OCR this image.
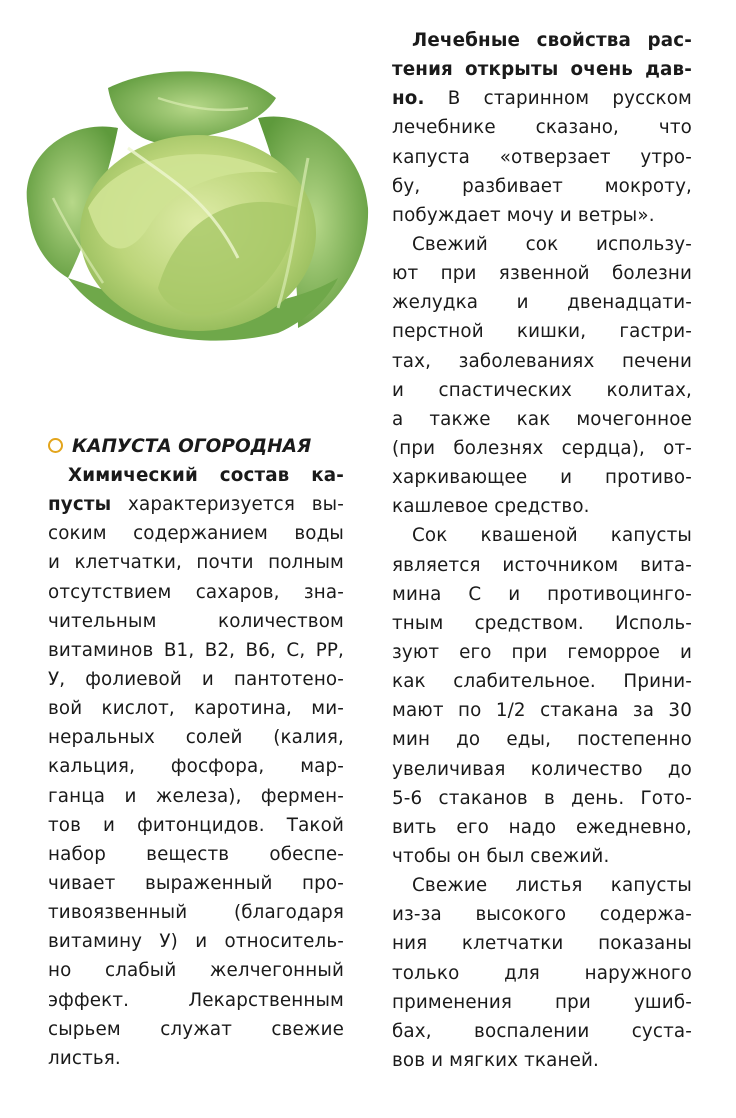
КАПУСТА ОГОРОДНАЯ
Химический состав ка-
пусты характеризуется вы-
соким содержанием воды
и клетчатки, почти полным
отсутствием сахаров, зна-
чительным количеством
витаминов В1, В2, В6, С, РР,
У, фолиевой и пантотено-
вой кислот, каротина, ми-
неральных солей (калия,
кальция, фосфора, мар-
ганца и железа), фермен-
тов и фитонцидов. Такой
набор веществ обеспе-
чивает выраженный про-
тивоязвенный (благодаря
витамину У) и относитель-
но слабый желчегонный
эффект. Лекарственным
сырьем служат свежие
листья.
Лечебные свойства рас-
тения открыты очень дав-
но. В старинном русском
лечебнике сказано, что
капуста «отверзает утро-
бу, разбивает мокроту,
побуждает мочу и ветры».
Свежий сок использу-
ют при язвенной болезни
желудка и двенадцати-
перстной кишки, гастри-
тах, заболеваниях печени
и спастических колитах,
а также как мочегонное
(при болезнях сердца), от-
харкивающее и противо-
кашлевое средство.
Сок квашеной капусты
является источником вита-
мина С и противоцинго-
тным средством. Исполь-
зуют его при геморрое и
как слабительное. Прини-
мают по 1/2 стакана за 30
мин до еды, постепенно
увеличивая количество до
5-6 стаканов в день. Гото-
вить его надо ежедневно,
чтобы он был свежий.
Свежие листья капусты
из-за высокого содержа-
ния клетчатки показаны
только для наружного
применения при ушиб-
бах, воспалении суста-
вов и мягких тканей.
